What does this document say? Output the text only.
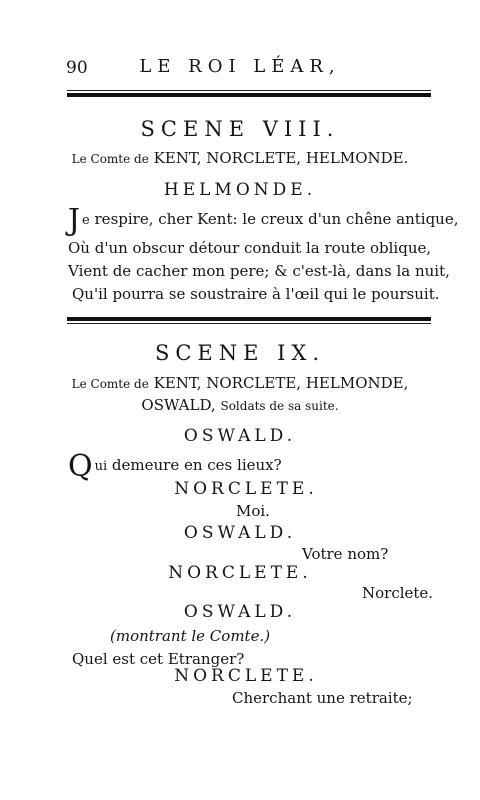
90	LE ROI LÉAR,
SCENE VIII.
Le Comte de KENT, NORCLETE, HELMONDE.
HELMONDE.
Je respire, cher Kent: le creux d'un chêne antique,
Où d'un obscur détour conduit la route oblique,
Vient de cacher mon pere; & c'est-là, dans la nuit,
Qu'il pourra se soustraire à l'œil qui le poursuit.
SCENE IX.
Le Comte de KENT, NORCLETE, HELMONDE,
OSWALD, Soldats de sa suite.
OSWALD.
Qui demeure en ces lieux?
NORCLETE.
Moi.
OSWALD.
Votre nom?
NORCLETE.
Norclete.
OSWALD.
(montrant le Comte.)
Quel est cet Etranger?
NORCLETE.
Cherchant une retraite;
